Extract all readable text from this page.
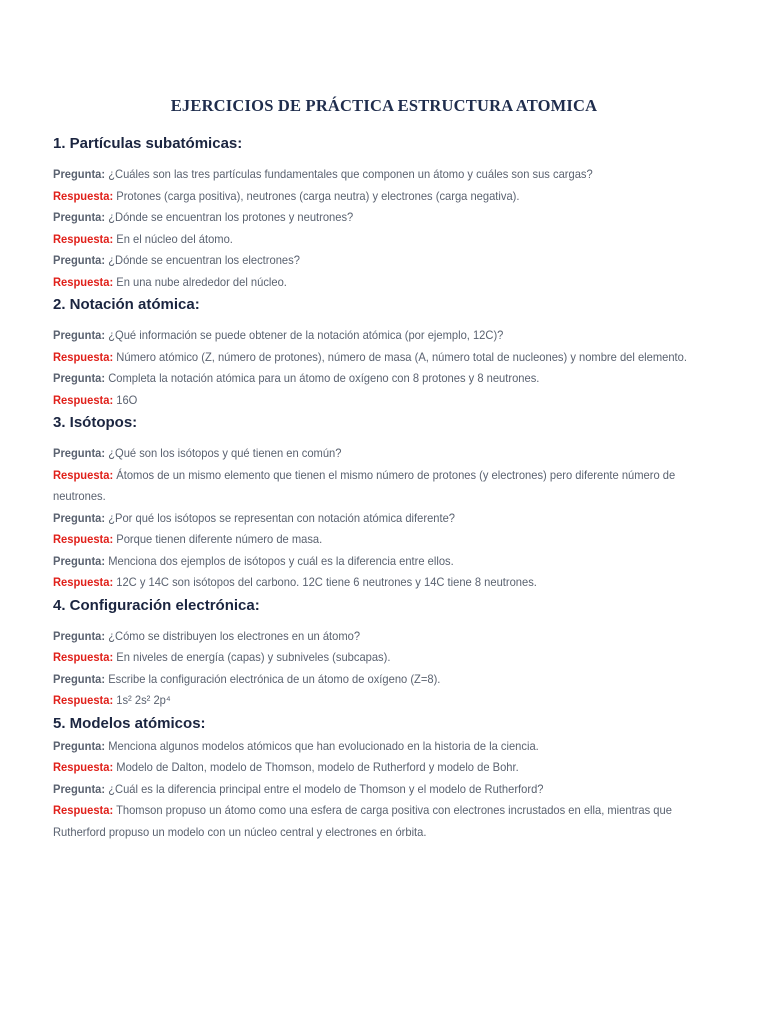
EJERCICIOS DE PRÁCTICA ESTRUCTURA ATOMICA
1. Partículas subatómicas:
Pregunta: ¿Cuáles son las tres partículas fundamentales que componen un átomo y cuáles son sus cargas?
Respuesta: Protones (carga positiva), neutrones (carga neutra) y electrones (carga negativa).
Pregunta: ¿Dónde se encuentran los protones y neutrones?
Respuesta: En el núcleo del átomo.
Pregunta: ¿Dónde se encuentran los electrones?
Respuesta: En una nube alrededor del núcleo.
2. Notación atómica:
Pregunta: ¿Qué información se puede obtener de la notación atómica (por ejemplo, 12C)?
Respuesta: Número atómico (Z, número de protones), número de masa (A, número total de nucleones) y nombre del elemento.
Pregunta: Completa la notación atómica para un átomo de oxígeno con 8 protones y 8 neutrones.
Respuesta: 16O
3. Isótopos:
Pregunta: ¿Qué son los isótopos y qué tienen en común?
Respuesta: Átomos de un mismo elemento que tienen el mismo número de protones (y electrones) pero diferente número de neutrones.
Pregunta: ¿Por qué los isótopos se representan con notación atómica diferente?
Respuesta: Porque tienen diferente número de masa.
Pregunta: Menciona dos ejemplos de isótopos y cuál es la diferencia entre ellos.
Respuesta: 12C y 14C son isótopos del carbono. 12C tiene 6 neutrones y 14C tiene 8 neutrones.
4. Configuración electrónica:
Pregunta: ¿Cómo se distribuyen los electrones en un átomo?
Respuesta: En niveles de energía (capas) y subniveles (subcapas).
Pregunta: Escribe la configuración electrónica de un átomo de oxígeno (Z=8).
Respuesta: 1s² 2s² 2p⁴
5. Modelos atómicos:
Pregunta: Menciona algunos modelos atómicos que han evolucionado en la historia de la ciencia.
Respuesta: Modelo de Dalton, modelo de Thomson, modelo de Rutherford y modelo de Bohr.
Pregunta: ¿Cuál es la diferencia principal entre el modelo de Thomson y el modelo de Rutherford?
Respuesta: Thomson propuso un átomo como una esfera de carga positiva con electrones incrustados en ella, mientras que Rutherford propuso un modelo con un núcleo central y electrones en órbita.
